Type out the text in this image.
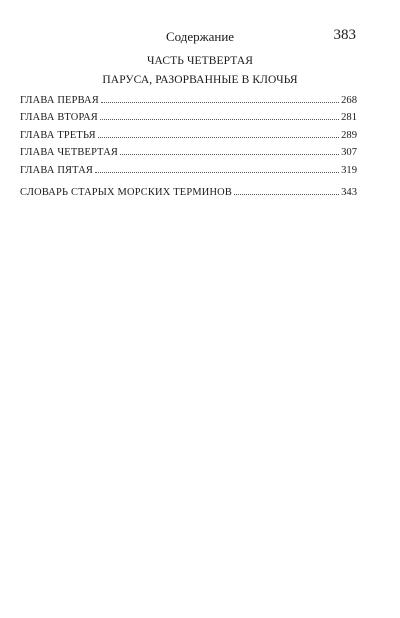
Содержание	383
ЧАСТЬ ЧЕТВЕРТАЯ
ПАРУСА, РАЗОРВАННЫЕ В КЛОЧЬЯ
ГЛАВА ПЕРВАЯ	268
ГЛАВА ВТОРАЯ	281
ГЛАВА ТРЕТЬЯ	289
ГЛАВА ЧЕТВЕРТАЯ	307
ГЛАВА ПЯТАЯ	319
СЛОВАРЬ СТАРЫХ МОРСКИХ ТЕРМИНОВ	343
